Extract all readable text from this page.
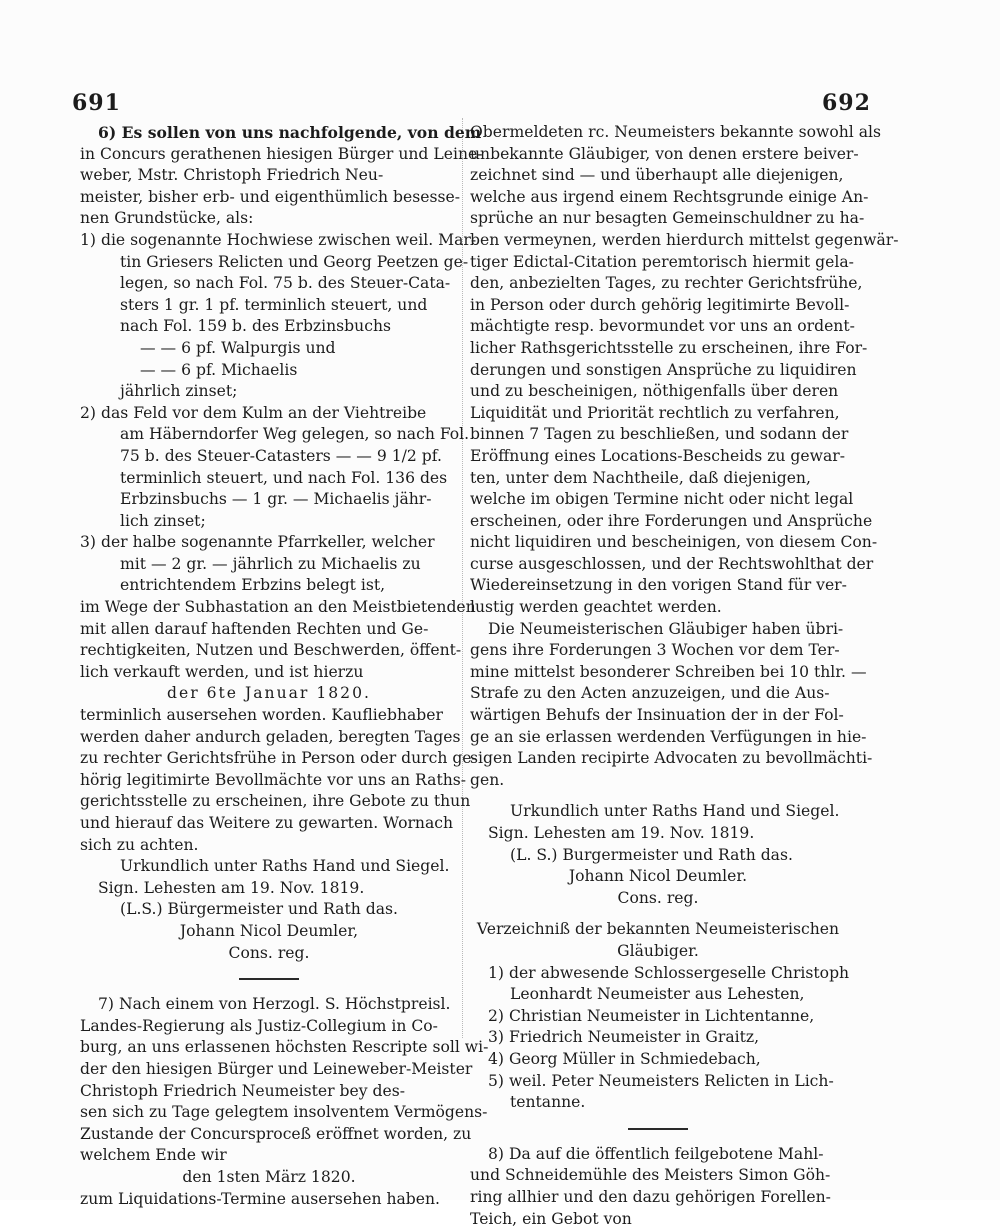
691	692
6) Es sollen von uns nachfolgende, von dem
in Concurs gerathenen hiesigen Bürger und Leine-
weber, Mstr. Christoph Friedrich Neu-
meister, bisher erb- und eigenthümlich besesse-
nen Grundstücke, als:
1) die sogenannte Hochwiese zwischen weil. Mar-
tin Griesers Relicten und Georg Peetzen ge-
legen, so nach Fol. 75 b. des Steuer-Cata-
sters 1 gr. 1 pf. terminlich steuert, und
nach Fol. 159 b. des Erbzinsbuchs
— — 6 pf. Walpurgis und
— — 6 pf. Michaelis
jährlich zinset;
2) das Feld vor dem Kulm an der Viehtreibe
am Häberndorfer Weg gelegen, so nach Fol.
75 b. des Steuer-Catasters — — 9 1/2 pf.
terminlich steuert, und nach Fol. 136 des
Erbzinsbuchs — 1 gr. — Michaelis jähr-
lich zinset;
3) der halbe sogenannte Pfarrkeller, welcher
mit — 2 gr. — jährlich zu Michaelis zu
entrichtendem Erbzins belegt ist,
im Wege der Subhastation an den Meistbietenden
mit allen darauf haftenden Rechten und Ge-
rechtigkeiten, Nutzen und Beschwerden, öffent-
lich verkauft werden, und ist hierzu
der 6te Januar 1820.
terminlich ausersehen worden. Kaufliebhaber
werden daher andurch geladen, beregten Tages
zu rechter Gerichtsfrühe in Person oder durch ge-
hörig legitimirte Bevollmächte vor uns an Raths-
gerichtsstelle zu erscheinen, ihre Gebote zu thun
und hierauf das Weitere zu gewarten. Wornach
sich zu achten.
Urkundlich unter Raths Hand und Siegel.
Sign. Lehesten am 19. Nov. 1819.
(L.S.) Bürgermeister und Rath das.
Johann Nicol Deumler,
Cons. reg.
7) Nach einem von Herzogl. S. Höchstpreisl.
Landes-Regierung als Justiz-Collegium in Co-
burg, an uns erlassenen höchsten Rescripte soll wi-
der den hiesigen Bürger und Leineweber-Meister
Christoph Friedrich Neumeister bey des-
sen sich zu Tage gelegtem insolventem Vermögens-
Zustande der Concursproceß eröffnet worden, zu
welchem Ende wir
den 1sten März 1820.
zum Liquidations-Termine ausersehen haben.
Obermeldeten rc. Neumeisters bekannte sowohl als
unbekannte Gläubiger, von denen erstere beiver-
zeichnet sind — und überhaupt alle diejenigen,
welche aus irgend einem Rechtsgrunde einige An-
sprüche an nur besagten Gemeinschuldner zu ha-
ben vermeynen, werden hierdurch mittelst gegenwär-
tiger Edictal-Citation peremtorisch hiermit gela-
den, anbezielten Tages, zu rechter Gerichtsfrühe,
in Person oder durch gehörig legitimirte Bevoll-
mächtigte resp. bevormundet vor uns an ordent-
licher Rathsgerichtsstelle zu erscheinen, ihre For-
derungen und sonstigen Ansprüche zu liquidiren
und zu bescheinigen, nöthigenfalls über deren
Liquidität und Priorität rechtlich zu verfahren,
binnen 7 Tagen zu beschließen, und sodann der
Eröffnung eines Locations-Bescheids zu gewar-
ten, unter dem Nachtheile, daß diejenigen,
welche im obigen Termine nicht oder nicht legal
erscheinen, oder ihre Forderungen und Ansprüche
nicht liquidiren und bescheinigen, von diesem Con-
curse ausgeschlossen, und der Rechtswohlthat der
Wiedereinsetzung in den vorigen Stand für ver-
lustig werden geachtet werden.
Die Neumeisterischen Gläubiger haben übri-
gens ihre Forderungen 3 Wochen vor dem Ter-
mine mittelst besonderer Schreiben bei 10 thlr. —
Strafe zu den Acten anzuzeigen, und die Aus-
wärtigen Behufs der Insinuation der in der Fol-
ge an sie erlassen werdenden Verfügungen in hie-
sigen Landen recipirte Advocaten zu bevollmächti-
gen.
Urkundlich unter Raths Hand und Siegel.
Sign. Lehesten am 19. Nov. 1819.
(L. S.) Burgermeister und Rath das.
Johann Nicol Deumler.
Cons. reg.
Verzeichniß der bekannten Neumeisterischen
Gläubiger.
1) der abwesende Schlossergeselle Christoph
Leonhardt Neumeister aus Lehesten,
2) Christian Neumeister in Lichtentanne,
3) Friedrich Neumeister in Graitz,
4) Georg Müller in Schmiedebach,
5) weil. Peter Neumeisters Relicten in Lich-
tentanne.
8) Da auf die öffentlich feilgebotene Mahl-
und Schneidemühle des Meisters Simon Göh-
ring allhier und den dazu gehörigen Forellen-
Teich, ein Gebot von
